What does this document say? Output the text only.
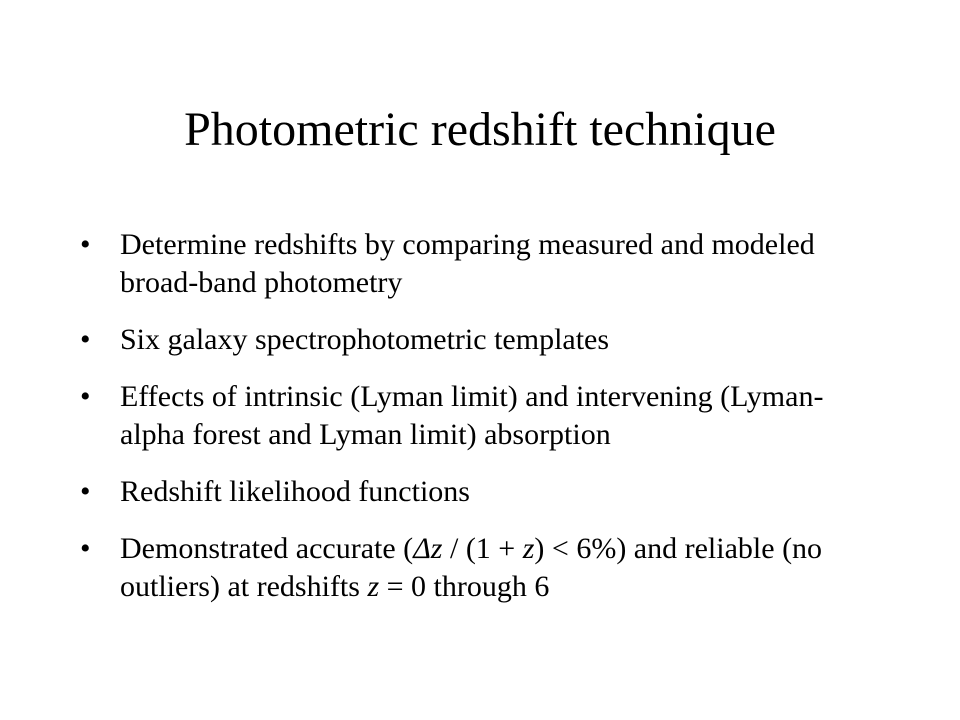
Photometric redshift technique
• Determine redshifts by comparing measured and modeled broad-band photometry
• Six galaxy spectrophotometric templates
• Effects of intrinsic (Lyman limit) and intervening (Lyman-alpha forest and Lyman limit) absorption
• Redshift likelihood functions
• Demonstrated accurate (Δz / (1 + z) < 6%) and reliable (no outliers) at redshifts z = 0 through 6
